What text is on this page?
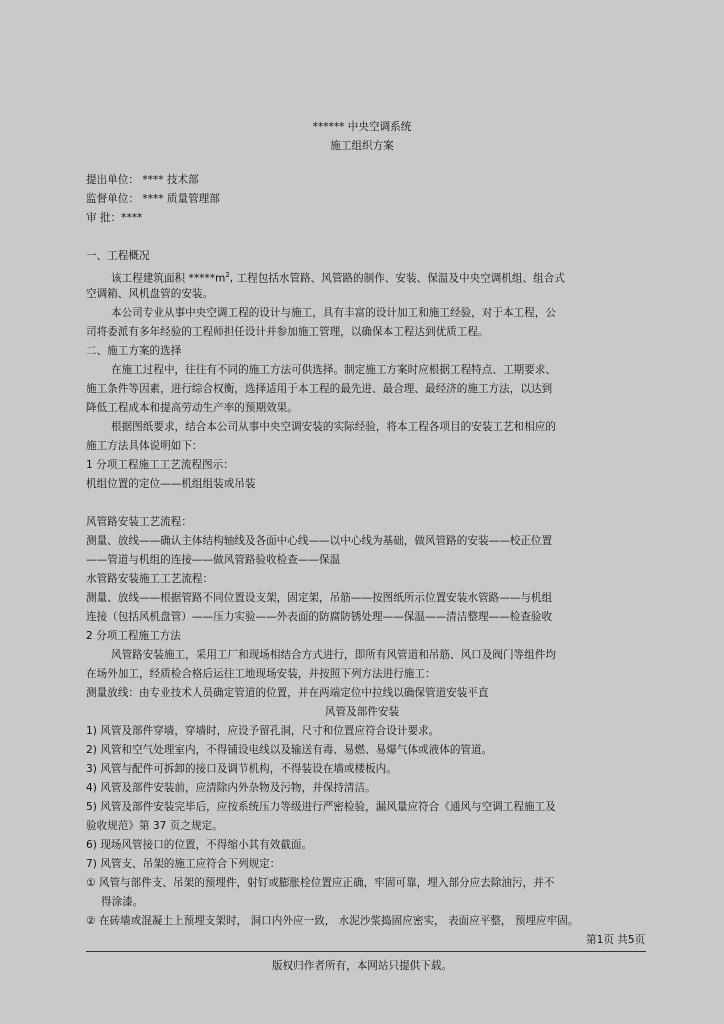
****** 中央空调系统
施工组织方案
提出单位： **** 技术部
监督单位： **** 质量管理部
审 批：****
一、工程概况
该工程建筑面积 $*****m^2$, 工程包括水管路、风管路的制作、安装、保温及中央空调机组、组合式
空调箱、风机盘管的安装。
本公司专业从事中央空调工程的设计与施工，具有丰富的设计加工和施工经验，对于本工程，公
司将委派有多年经验的工程师担任设计并参加施工管理，以确保本工程达到优质工程。
二、施工方案的选择
在施工过程中，往往有不同的施工方法可供选择。制定施工方案时应根据工程特点、工期要求、
施工条件等因素，进行综合权衡，选择适用于本工程的最先进、最合理、最经济的施工方法，以达到
降低工程成本和提高劳动生产率的预期效果。
根据图纸要求，结合本公司从事中央空调安装的实际经验，将本工程各项目的安装工艺和相应的
施工方法具体说明如下：
1 分项工程施工工艺流程图示：
机组位置的定位——机组组装或吊装
风管路安装工艺流程：
测量、放线——确认主体结构轴线及各面中心线——以中心线为基础，做风管路的安装——校正位置
——管道与机组的连接——做风管路验收检查——保温
水管路安装施工工艺流程：
测量、放线——根据管路不同位置设支架，固定架，吊筋——按图纸所示位置安装水管路——与机组
连接（包括风机盘管）——压力实验——外表面的防腐防锈处理——保温——清洁整理——检查验收
2 分项工程施工方法
风管路安装施工，采用工厂和现场相结合方式进行，即所有风管道和吊筋、风口及阀门等组件均
在场外加工，经质检合格后运往工地现场安装，并按照下列方法进行施工：
测量放线：由专业技术人员确定管道的位置，并在两端定位中拉线以确保管道安装平直
风管及部件安装
1) 风管及部件穿墙，穿墙时，应设予留孔洞，尺寸和位置应符合设计要求。
2) 风管和空气处理室内，不得铺设电线以及输送有毒、易燃、易爆气体或液体的管道。
3) 风管与配件可拆卸的接口及调节机构，不得装设在墙或楼板内。
4) 风管及部件安装前，应清除内外杂物及污物，并保持清洁。
5) 风管及部件安装完毕后，应按系统压力等级进行严密检验，漏风量应符合《通风与空调工程施工及
验收规范》第 37 页之规定。
6) 现场风管接口的位置，不得缩小其有效截面。
7) 风管支、吊架的施工应符合下列规定：
① 风管与部件支、吊架的预埋件，射钉或膨胀栓位置应正确，牢固可靠，埋入部分应去除油污，并不
得涂漆。
② 在砖墙或混凝土上预埋支架时， 洞口内外应一致， 水泥沙浆捣固应密实， 表面应平整， 预埋应牢固。
第1页 共5页
版权归作者所有，本网站只提供下载。
